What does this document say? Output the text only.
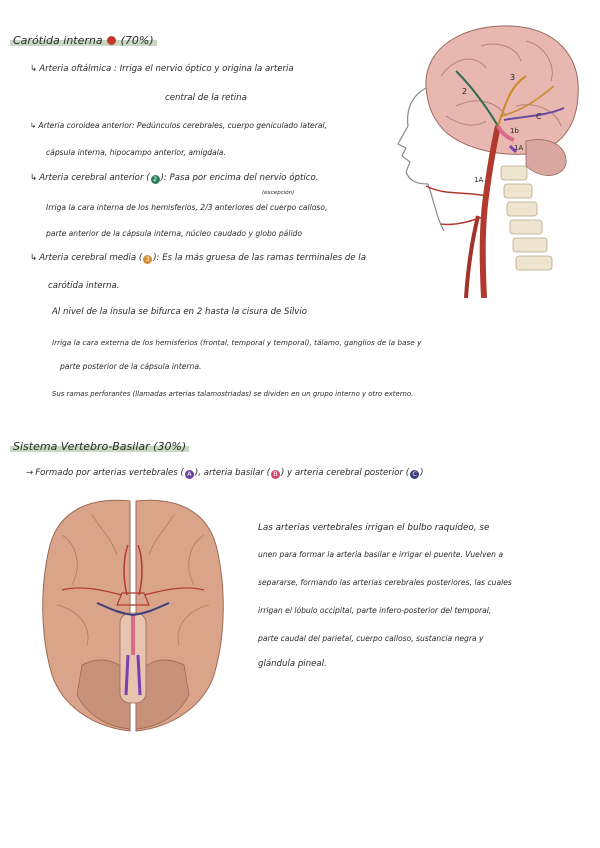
Carótida interna (70%)
↳ Arteria oftálmica : Irriga el nervio óptico y origina la arteria
central de la retina
↳ Arteria coroidea anterior: Pedúnculos cerebrales, cuerpo geniculado lateral,
cápsula interna, hipocampo anterior, amígdala.
↳ Arteria cerebral anterior ( 2 ): Pasa por encima del nervio óptico.
(excepción)
Irriga la cara interna de los hemisferios, 2/3 anteriores del cuerpo calloso,
parte anterior de la cápsula interna, núcleo caudado y globo pálido
↳ Arteria cerebral media ( 3 ): Es la más gruesa de las ramas terminales de la
carótida interna.
Al nivel de la ínsula se bifurca en 2 hasta la cisura de Silvio
Irriga la cara externa de los hemisferios (frontal, temporal y temporal), tálamo, ganglios de la base y
parte posterior de la cápsula interna.
Sus ramas perforantes (llamadas arterias talamostriadas) se dividen en un grupo interno y otro externo.
3
2
C
1b
1A
1A
Sistema Vertebro-Basilar (30%)
→ Formado por arterias vertebrales ( A ), arteria basilar ( B ) y arteria cerebral posterior ( C )
Las arterias vertebrales irrigan el bulbo raquídeo, se
unen para formar la arteria basilar e irrigar el puente. Vuelven a
separarse, formando las arterias cerebrales posteriores, las cuales
irrigan el lóbulo occipital, parte infero-posterior del temporal,
parte caudal del parietal, cuerpo calloso, sustancia negra y
glándula pineal.
